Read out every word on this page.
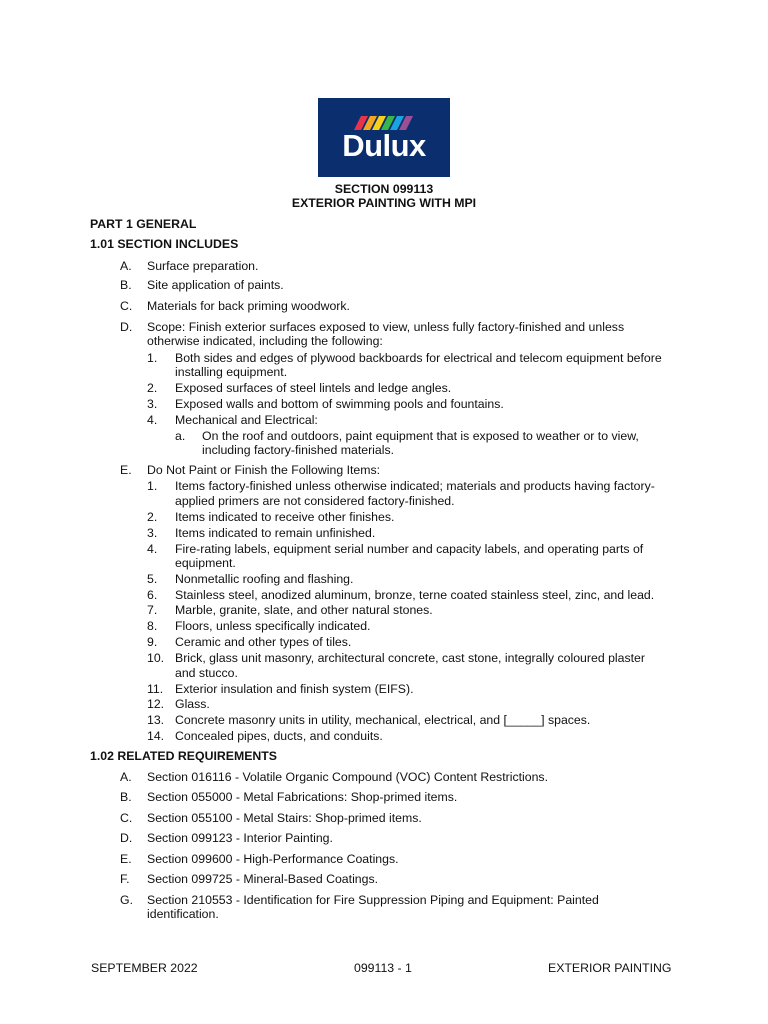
Dulux
SECTION 099113
EXTERIOR PAINTING WITH MPI
PART 1 GENERAL
1.01 SECTION INCLUDES
A. Surface preparation.
B. Site application of paints.
C. Materials for back priming woodwork.
D. Scope: Finish exterior surfaces exposed to view, unless fully factory-finished and unless
otherwise indicated, including the following:
1. Both sides and edges of plywood backboards for electrical and telecom equipment before
installing equipment.
2. Exposed surfaces of steel lintels and ledge angles.
3. Exposed walls and bottom of swimming pools and fountains.
4. Mechanical and Electrical:
a. On the roof and outdoors, paint equipment that is exposed to weather or to view,
including factory-finished materials.
E. Do Not Paint or Finish the Following Items:
1. Items factory-finished unless otherwise indicated; materials and products having factory-
applied primers are not considered factory-finished.
2. Items indicated to receive other finishes.
3. Items indicated to remain unfinished.
4. Fire-rating labels, equipment serial number and capacity labels, and operating parts of
equipment.
5. Nonmetallic roofing and flashing.
6. Stainless steel, anodized aluminum, bronze, terne coated stainless steel, zinc, and lead.
7. Marble, granite, slate, and other natural stones.
8. Floors, unless specifically indicated.
9. Ceramic and other types of tiles.
10. Brick, glass unit masonry, architectural concrete, cast stone, integrally coloured plaster
and stucco.
11. Exterior insulation and finish system (EIFS).
12. Glass.
13. Concrete masonry units in utility, mechanical, electrical, and [_____] spaces.
14. Concealed pipes, ducts, and conduits.
1.02 RELATED REQUIREMENTS
A. Section 016116 - Volatile Organic Compound (VOC) Content Restrictions.
B. Section 055000 - Metal Fabrications: Shop-primed items.
C. Section 055100 - Metal Stairs: Shop-primed items.
D. Section 099123 - Interior Painting.
E. Section 099600 - High-Performance Coatings.
F. Section 099725 - Mineral-Based Coatings.
G. Section 210553 - Identification for Fire Suppression Piping and Equipment: Painted
identification.
SEPTEMBER 2022	099113 - 1	EXTERIOR PAINTING
